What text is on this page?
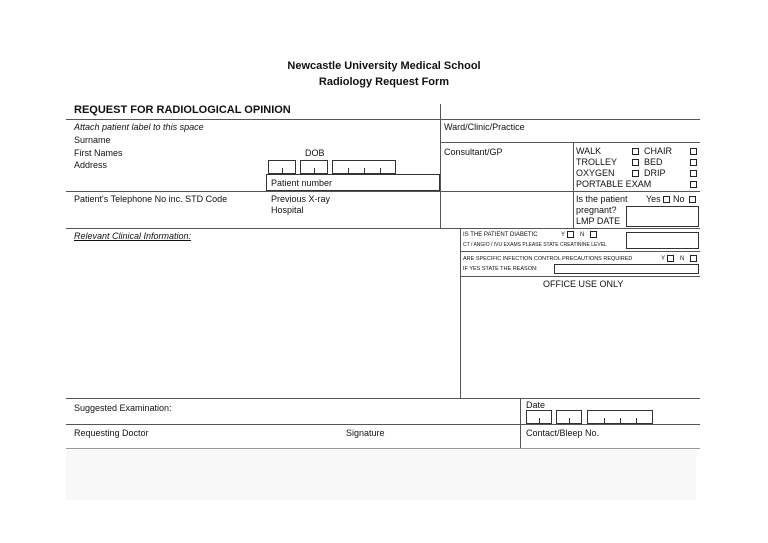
Newcastle University Medical School
Radiology Request Form
REQUEST FOR RADIOLOGICAL OPINION
Attach patient label to this space
Surname
First Names
Address
DOB
Patient number
Ward/Clinic/Practice
Consultant/GP	WALK	CHAIR
TROLLEY	BED
OXYGEN	DRIP
PORTABLE EXAM
Patient's Telephone No inc. STD Code	Previous X-ray
Hospital
Is the patient Yes No
pregnant?
LMP DATE
Relevant Clinical Information:	IS THE PATIENT DIABETIC	Y N
CT / ANGIO / IVU EXAMS PLEASE STATE CREATININE LEVEL
ARE SPECIFIC INFECTION CONTROL PRECAUTIONS REQUIRED	Y N
IF YES STATE THE REASON:
OFFICE USE ONLY
Suggested Examination:	Date
Requesting Doctor	Signature	Contact/Bleep No.
